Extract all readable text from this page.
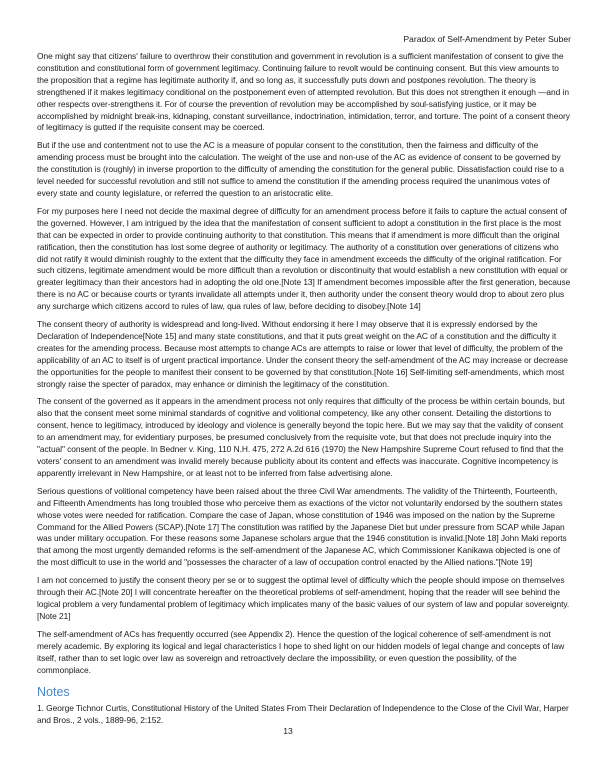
Paradox of Self-Amendment by Peter Suber

One might say that citizens' failure to overthrow their constitution and government in revolution is a sufficient manifestation of consent to give the constitution and constitutional form of government legitimacy. Continuing failure to revolt would be continuing consent. But this view amounts to the proposition that a regime has legitimate authority if, and so long as, it successfully puts down and postpones revolution. The theory is strengthened if it makes legitimacy conditional on the postponement even of attempted revolution. But this does not strengthen it enough —and in other respects over-strengthens it. For of course the prevention of revolution may be accomplished by soul-satisfying justice, or it may be accomplished by midnight break-ins, kidnaping, constant surveillance, indoctrination, intimidation, terror, and torture. The point of a consent theory of legitimacy is gutted if the requisite consent may be coerced.

But if the use and contentment not to use the AC is a measure of popular consent to the constitution, then the fairness and difficulty of the amending process must be brought into the calculation. The weight of the use and non-use of the AC as evidence of consent to be governed by the constitution is (roughly) in inverse proportion to the difficulty of amending the constitution for the general public. Dissatisfaction could rise to a level needed for successful revolution and still not suffice to amend the constitution if the amending process required the unanimous votes of every state and county legislature, or referred the question to an aristocratic elite.

For my purposes here I need not decide the maximal degree of difficulty for an amendment process before it fails to capture the actual consent of the governed. However, I am intrigued by the idea that the manifestation of consent sufficient to adopt a constitution in the first place is the most that can be expected in order to provide continuing authority to that constitution. This means that if amendment is more difficult than the original ratification, then the constitution has lost some degree of authority or legitimacy. The authority of a constitution over generations of citizens who did not ratify it would diminish roughly to the extent that the difficulty they face in amendment exceeds the difficulty of the original ratification. For such citizens, legitimate amendment would be more difficult than a revolution or discontinuity that would establish a new constitution with equal or greater legitimacy than their ancestors had in adopting the old one.[Note 13] If amendment becomes impossible after the first generation, because there is no AC or because courts or tyrants invalidate all attempts under it, then authority under the consent theory would drop to about zero plus any surcharge which citizens accord to rules of law, qua rules of law, before deciding to disobey.[Note 14]

The consent theory of authority is widespread and long-lived. Without endorsing it here I may observe that it is expressly endorsed by the Declaration of Independence[Note 15] and many state constitutions, and that it puts great weight on the AC of a constitution and the difficulty it creates for the amending process. Because most attempts to change ACs are attempts to raise or lower that level of difficulty, the problem of the applicability of an AC to itself is of urgent practical importance. Under the consent theory the self-amendment of the AC may increase or decrease the opportunities for the people to manifest their consent to be governed by that constitution.[Note 16] Self-limiting self-amendments, which most strongly raise the specter of paradox, may enhance or diminish the legitimacy of the constitution.

The consent of the governed as it appears in the amendment process not only requires that difficulty of the process be within certain bounds, but also that the consent meet some minimal standards of cognitive and volitional competency, like any other consent. Detailing the distortions to consent, hence to legitimacy, introduced by ideology and violence is generally beyond the topic here. But we may say that the validity of consent to an amendment may, for evidentiary purposes, be presumed conclusively from the requisite vote, but that does not preclude inquiry into the "actual" consent of the people. In Bedner v. King, 110 N.H. 475, 272 A.2d 616 (1970) the New Hampshire Supreme Court refused to find that the voters' consent to an amendment was invalid merely because publicity about its content and effects was inaccurate. Cognitive incompetency is apparently irrelevant in New Hampshire, or at least not to be inferred from false advertising alone.

Serious questions of volitional competency have been raised about the three Civil War amendments. The validity of the Thirteenth, Fourteenth, and Fifteenth Amendments has long troubled those who perceive them as exactions of the victor not voluntarily endorsed by the southern states whose votes were needed for ratification. Compare the case of Japan, whose constitution of 1946 was imposed on the nation by the Supreme Command for the Allied Powers (SCAP).[Note 17] The constitution was ratified by the Japanese Diet but under pressure from SCAP while Japan was under military occupation. For these reasons some Japanese scholars argue that the 1946 constitution is invalid.[Note 18] John Maki reports that among the most urgently demanded reforms is the self-amendment of the Japanese AC, which Commissioner Kanikawa objected is one of the most difficult to use in the world and "possesses the character of a law of occupation control enacted by the Allied nations."[Note 19]

I am not concerned to justify the consent theory per se or to suggest the optimal level of difficulty which the people should impose on themselves through their AC.[Note 20] I will concentrate hereafter on the theoretical problems of self-amendment, hoping that the reader will see behind the logical problem a very fundamental problem of legitimacy which implicates many of the basic values of our system of law and popular sovereignty.[Note 21]

The self-amendment of ACs has frequently occurred (see Appendix 2). Hence the question of the logical coherence of self-amendment is not merely academic. By exploring its logical and legal characteristics I hope to shed light on our hidden models of legal change and concepts of law itself, rather than to set logic over law as sovereign and retroactively declare the impossibility, or even question the possibility, of the commonplace.

Notes

1. George Tichnor Curtis, Constitutional History of the United States From Their Declaration of Independence to the Close of the Civil War, Harper and Bros., 2 vols., 1889-96, 2:152.

13
